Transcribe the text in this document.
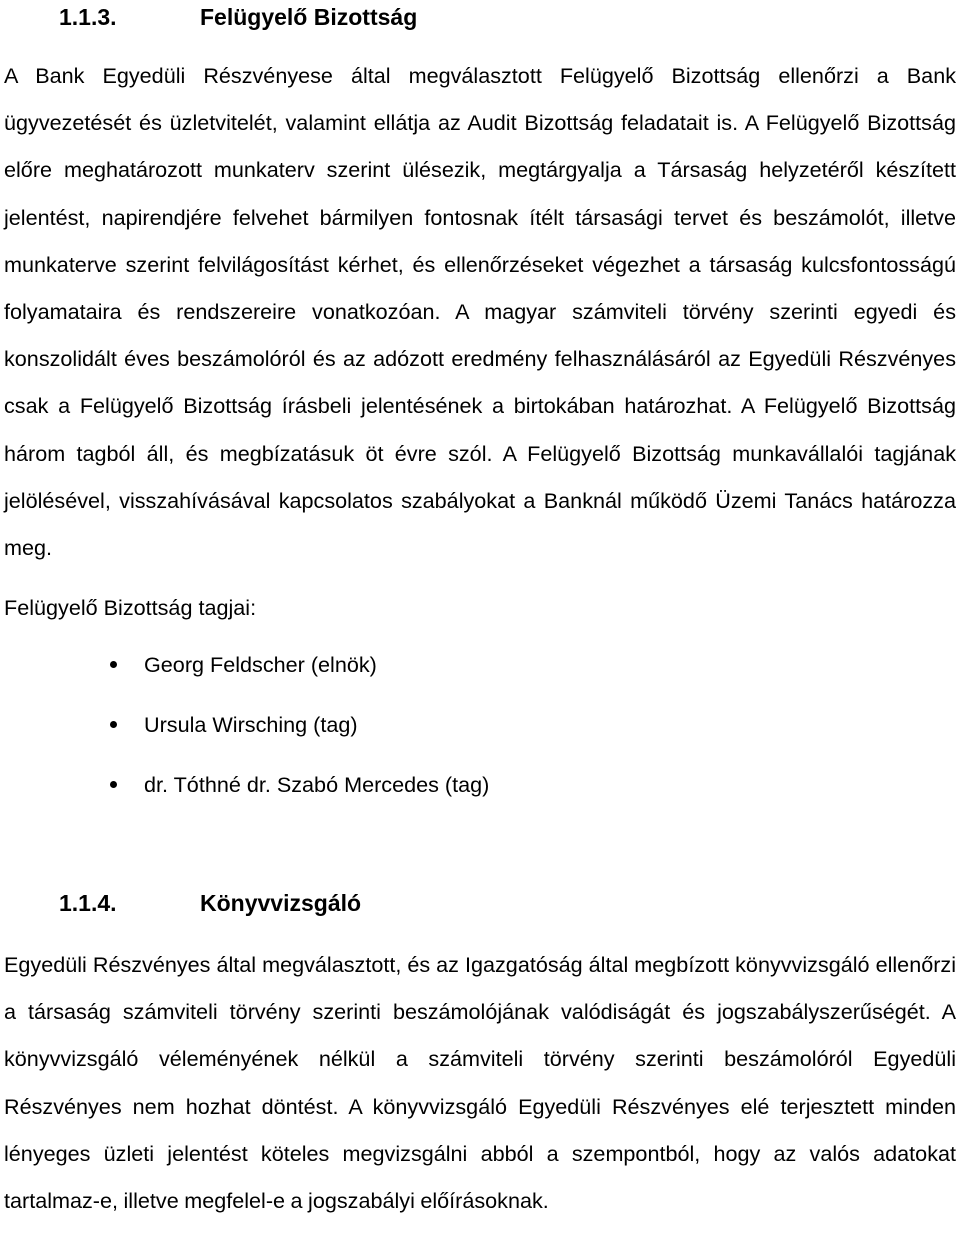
1.1.3.	Felügyelő Bizottság
A Bank Egyedüli Részvényese által megválasztott Felügyelő Bizottság ellenőrzi a Bank ügyvezetését és üzletvitelét, valamint ellátja az Audit Bizottság feladatait is. A Felügyelő Bizottság előre meghatározott munkaterv szerint ülésezik, megtárgyalja a Társaság helyzetéről készített jelentést, napirendjére felvehet bármilyen fontosnak ítélt társasági tervet és beszámolót, illetve munkaterve szerint felvilágosítást kérhet, és ellenőrzéseket végezhet a társaság kulcsfontosságú folyamataira és rendszereire vonatkozóan. A magyar számviteli törvény szerinti egyedi és konszolidált éves beszámolóról és az adózott eredmény felhasználásáról az Egyedüli Részvényes csak a Felügyelő Bizottság írásbeli jelentésének a birtokában határozhat. A Felügyelő Bizottság három tagból áll, és megbízatásuk öt évre szól. A Felügyelő Bizottság munkavállalói tagjának jelölésével, visszahívásával kapcsolatos szabályokat a Banknál működő Üzemi Tanács határozza meg.
Felügyelő Bizottság tagjai:
Georg Feldscher (elnök)
Ursula Wirsching (tag)
dr. Tóthné dr. Szabó Mercedes (tag)
1.1.4.	Könyvvizsgáló
Egyedüli Részvényes által megválasztott, és az Igazgatóság által megbízott könyvvizsgáló ellenőrzi a társaság számviteli törvény szerinti beszámolójának valódiságát és jogszabályszerűségét. A könyvvizsgáló véleményének nélkül a számviteli törvény szerinti beszámolóról Egyedüli Részvényes nem hozhat döntést. A könyvvizsgáló Egyedüli Részvényes elé terjesztett minden lényeges üzleti jelentést köteles megvizsgálni abból a szempontból, hogy az valós adatokat tartalmaz-e, illetve megfelel-e a jogszabályi előírásoknak.
